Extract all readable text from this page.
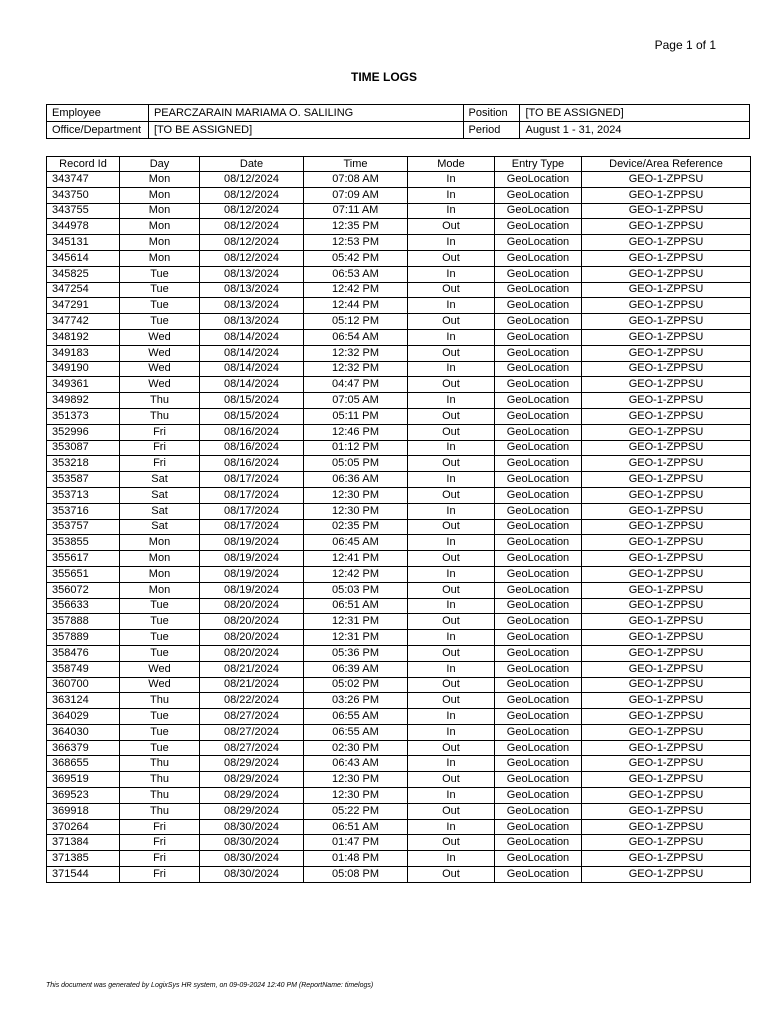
Page 1 of 1
TIME LOGS
Employee	PEARCZARAIN MARIAMA O. SALILING	Position	[TO BE ASSIGNED]
Office/Department	[TO BE ASSIGNED]	Period	August 1 - 31, 2024
Record Id	Day	Date	Time	Mode	Entry Type	Device/Area Reference
343747	Mon	08/12/2024	07:08 AM	In	GeoLocation	GEO-1-ZPPSU
343750	Mon	08/12/2024	07:09 AM	In	GeoLocation	GEO-1-ZPPSU
343755	Mon	08/12/2024	07:11 AM	In	GeoLocation	GEO-1-ZPPSU
344978	Mon	08/12/2024	12:35 PM	Out	GeoLocation	GEO-1-ZPPSU
345131	Mon	08/12/2024	12:53 PM	In	GeoLocation	GEO-1-ZPPSU
345614	Mon	08/12/2024	05:42 PM	Out	GeoLocation	GEO-1-ZPPSU
345825	Tue	08/13/2024	06:53 AM	In	GeoLocation	GEO-1-ZPPSU
347254	Tue	08/13/2024	12:42 PM	Out	GeoLocation	GEO-1-ZPPSU
347291	Tue	08/13/2024	12:44 PM	In	GeoLocation	GEO-1-ZPPSU
347742	Tue	08/13/2024	05:12 PM	Out	GeoLocation	GEO-1-ZPPSU
348192	Wed	08/14/2024	06:54 AM	In	GeoLocation	GEO-1-ZPPSU
349183	Wed	08/14/2024	12:32 PM	Out	GeoLocation	GEO-1-ZPPSU
349190	Wed	08/14/2024	12:32 PM	In	GeoLocation	GEO-1-ZPPSU
349361	Wed	08/14/2024	04:47 PM	Out	GeoLocation	GEO-1-ZPPSU
349892	Thu	08/15/2024	07:05 AM	In	GeoLocation	GEO-1-ZPPSU
351373	Thu	08/15/2024	05:11 PM	Out	GeoLocation	GEO-1-ZPPSU
352996	Fri	08/16/2024	12:46 PM	Out	GeoLocation	GEO-1-ZPPSU
353087	Fri	08/16/2024	01:12 PM	In	GeoLocation	GEO-1-ZPPSU
353218	Fri	08/16/2024	05:05 PM	Out	GeoLocation	GEO-1-ZPPSU
353587	Sat	08/17/2024	06:36 AM	In	GeoLocation	GEO-1-ZPPSU
353713	Sat	08/17/2024	12:30 PM	Out	GeoLocation	GEO-1-ZPPSU
353716	Sat	08/17/2024	12:30 PM	In	GeoLocation	GEO-1-ZPPSU
353757	Sat	08/17/2024	02:35 PM	Out	GeoLocation	GEO-1-ZPPSU
353855	Mon	08/19/2024	06:45 AM	In	GeoLocation	GEO-1-ZPPSU
355617	Mon	08/19/2024	12:41 PM	Out	GeoLocation	GEO-1-ZPPSU
355651	Mon	08/19/2024	12:42 PM	In	GeoLocation	GEO-1-ZPPSU
356072	Mon	08/19/2024	05:03 PM	Out	GeoLocation	GEO-1-ZPPSU
356633	Tue	08/20/2024	06:51 AM	In	GeoLocation	GEO-1-ZPPSU
357888	Tue	08/20/2024	12:31 PM	Out	GeoLocation	GEO-1-ZPPSU
357889	Tue	08/20/2024	12:31 PM	In	GeoLocation	GEO-1-ZPPSU
358476	Tue	08/20/2024	05:36 PM	Out	GeoLocation	GEO-1-ZPPSU
358749	Wed	08/21/2024	06:39 AM	In	GeoLocation	GEO-1-ZPPSU
360700	Wed	08/21/2024	05:02 PM	Out	GeoLocation	GEO-1-ZPPSU
363124	Thu	08/22/2024	03:26 PM	Out	GeoLocation	GEO-1-ZPPSU
364029	Tue	08/27/2024	06:55 AM	In	GeoLocation	GEO-1-ZPPSU
364030	Tue	08/27/2024	06:55 AM	In	GeoLocation	GEO-1-ZPPSU
366379	Tue	08/27/2024	02:30 PM	Out	GeoLocation	GEO-1-ZPPSU
368655	Thu	08/29/2024	06:43 AM	In	GeoLocation	GEO-1-ZPPSU
369519	Thu	08/29/2024	12:30 PM	Out	GeoLocation	GEO-1-ZPPSU
369523	Thu	08/29/2024	12:30 PM	In	GeoLocation	GEO-1-ZPPSU
369918	Thu	08/29/2024	05:22 PM	Out	GeoLocation	GEO-1-ZPPSU
370264	Fri	08/30/2024	06:51 AM	In	GeoLocation	GEO-1-ZPPSU
371384	Fri	08/30/2024	01:47 PM	Out	GeoLocation	GEO-1-ZPPSU
371385	Fri	08/30/2024	01:48 PM	In	GeoLocation	GEO-1-ZPPSU
371544	Fri	08/30/2024	05:08 PM	Out	GeoLocation	GEO-1-ZPPSU
This document was generated by LogixSys HR system, on 09-09-2024 12:40 PM (ReportName: timelogs)
